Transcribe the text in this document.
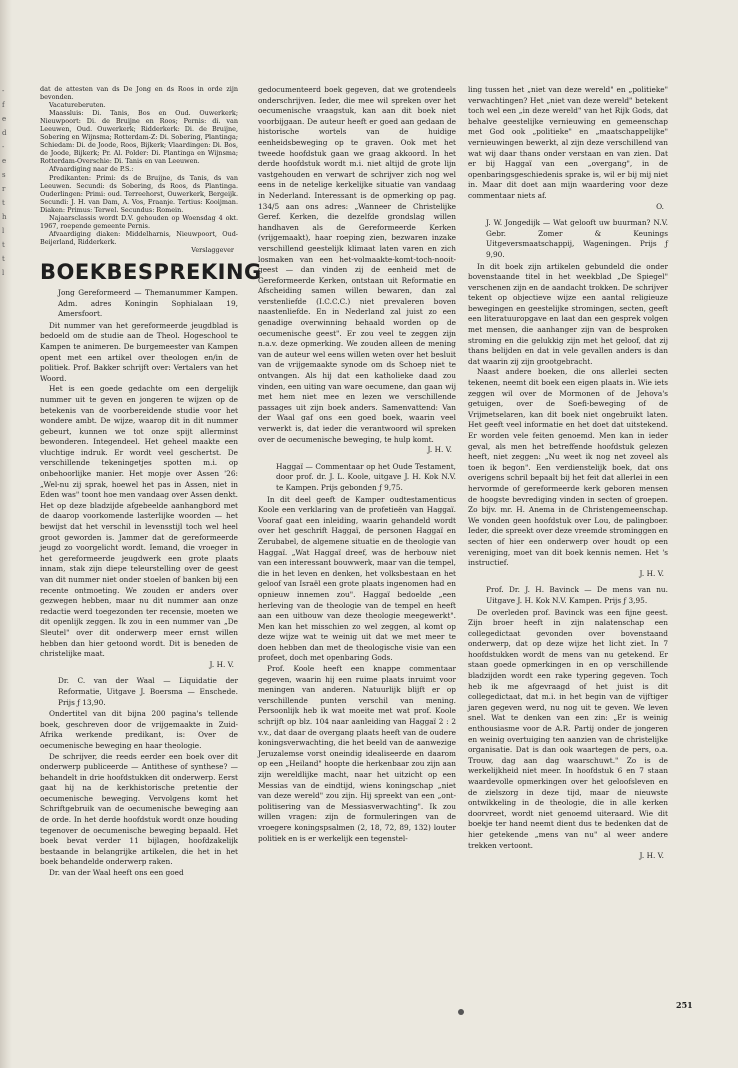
-
f
e
d
-
e
s
r
t
h
l
t
t
l

dat de attesten van ds De Jong en ds Roos in orde zijn bevonden.

Vacatureberuten.

Maassluis: Di. Tanis, Bos en Oud. Ouwerkerk; Nieuwpoort: Di. de Bruijne en Roos; Pernis: di. van Leeuwen, Oud. Ouwerkerk; Ridderkerk: Di. de Bruijne, Sobering en Wijnsma; Rotterdam-Z: Di. Sobering, Plantinga; Schiedam: Di. de Joode, Roos, Bijkerk; Vlaardingen: Di. Bos, de Joode, Bijkerk; Pr. Al. Polder: Di. Plantinga en Wijnsma; Rotterdam-Overschie: Di. Tanis en van Leeuwen.

Afvaardiging naar de P.S.:

Predikanten: Primi: ds de Bruijne, ds Tanis, ds van Leeuwen. Secundi: ds Sobering, ds Roos, ds Plantinga. Ouderlingen: Primi: oud. Terreehorst, Ouwerkerk, Bergeijk. Secundi: J. H. van Dam, A. Vos, Fraanje. Tertius: Kooijman. Diaken: Primus: Terwel. Secundus: Romein.

Najaarsclassis wordt D.V. gehouden op Woensdag 4 okt. 1967, roepende gemeente Pernis.

Afvaardiging diaken: Middelharnis, Nieuwpoort, Oud-Beijerland, Ridderkerk.

Verslaggever

BOEKBESPREKING

Jong Gereformeerd — Themanummer Kampen. Adm. adres Koningin Sophialaan 19, Amersfoort.

Dit nummer van het gereformeerde jeugdblad is bedoeld om de studie aan de Theol. Hogeschool te Kampen te animeren. De burgemeester van Kampen opent met een artikel over theologen en/in de politiek. Prof. Bakker schrijft over: Vertalers van het Woord.

Het is een goede gedachte om een dergelijk nummer uit te geven en jongeren te wijzen op de betekenis van de voorbereidende studie voor het wondere ambt. De wijze, waarop dit in dit nummer gebeurt, kunnen we tot onze spijt allerminst bewonderen. Integendeel. Het geheel maakte een vluchtige indruk. Er wordt veel geschertst. De verschillende tekeningetjes spotten m.i. op onbehoorlijke manier. Het mopje over Assen '26: „Wel-nu zij sprak, hoewel het pas in Assen, niet in Eden was" toont hoe men vandaag over Assen denkt. Het op deze bladzijde afgebeelde aanhangbord met de daarop voorkomende lasterlijke woorden — het bewijst dat het verschil in levensstijl toch wel heel groot geworden is. Jammer dat de gereformeerde jeugd zo voorgelicht wordt. Iemand, die vroeger in het gereformeerde jeugdwerk een grote plaats innam, stak zijn diepe teleurstelling over de geest van dit nummer niet onder stoelen of banken bij een recente ontmoeting. We zouden er anders over gezwegen hebben, maar nu dit nummer aan onze redactie werd toegezonden ter recensie, moeten we dit openlijk zeggen. Ik zou in een nummer van „De Sleutel" over dit onderwerp meer ernst willen hebben dan hier getoond wordt. Dit is beneden de christelijke maat.

J. H. V.

Dr. C. van der Waal — Liquidatie der Reformatie, Uitgave J. Boersma — Enschede. Prijs ƒ 13,90.

Ondertitel van dit bijna 200 pagina's tellende boek, geschreven door de vrijgemaakte in Zuid-Afrika werkende predikant, is: Over de oecumenische beweging en haar theologie.

De schrijver, die reeds eerder een boek over dit onderwerp publiceerde — Antithese of synthese? — behandelt in drie hoofdstukken dit onderwerp. Eerst gaat hij na de kerkhistorische pretentie der oecumenische beweging. Vervolgens komt het Schriftgebruik van de oecumenische beweging aan de orde. In het derde hoofdstuk wordt onze houding tegenover de oecumenische beweging bepaald. Het boek bevat verder 11 bijlagen, hoofdzakelijk bestaande in belangrijke artikelen, die het in het boek behandelde onderwerp raken.

Dr. van der Waal heeft ons een goed

gedocumenteerd boek gegeven, dat we grotendeels onderschrijven. Ieder, die mee wil spreken over het oecumenische vraagstuk, kan aan dit boek niet voorbijgaan. De auteur heeft er goed aan gedaan de historische wortels van de huidige eenheidsbeweging op te graven. Ook met het tweede hoofdstuk gaan we graag akkoord. In het derde hoofdstuk wordt m.i. niet altijd de grote lijn vastgehouden en verwart de schrijver zich nog wel eens in de netelige kerkelijke situatie van vandaag in Nederland. Interessant is de opmerking op pag. 134/5 aan ons adres: „Wanneer de Christelijke Geref. Kerken, die dezelfde grondslag willen handhaven als de Gereformeerde Kerken (vrijgemaakt), haar roeping zien, bezwaren inzake verschillend geestelijk klimaat laten varen en zich losmaken van een het-volmaakte-komt-toch-nooit-geest — dan vinden zij de eenheid met de Gereformeerde Kerken, ontstaan uit Reformatie en Afscheiding samen willen bewaren, dan zal verstenliefde (I.C.C.C.) niet prevaleren boven naastenliefde. En in Nederland zal juist zo een genadige overwinning behaald worden op de oecumenische geest". Er zou veel te zeggen zijn n.a.v. deze opmerking. We zouden alleen de mening van de auteur wel eens willen weten over het besluit van de vrijgemaakte synode om ds Schoep niet te ontvangen. Als hij dat een katholieke daad zou vinden, een uiting van ware oecumene, dan gaan wij met hem niet mee en lezen we verschillende passages uit zijn boek anders. Samenvattend: Van der Waal gaf ons een goed boek, waarin veel verwerkt is, dat ieder die verantwoord wil spreken over de oecumenische beweging, te hulp komt.

J. H. V.

Haggaï — Commentaar op het Oude Testament, door prof. dr. J. L. Koole, uitgave J. H. Kok N.V. te Kampen. Prijs gebonden ƒ 9,75.

In dit deel geeft de Kamper oudtestamenticus Koole een verklaring van de profetieën van Haggaï. Vooraf gaat een inleiding, waarin gehandeld wordt over het geschrift Haggaï, de personen Haggaï en Zerubabel, de algemene situatie en de theologie van Haggaï. „Wat Haggaï dreef, was de herbouw niet van een interessant bouwwerk, maar van die tempel, die in het leven en denken, het volksbestaan en het geloof van Israël een grote plaats ingenomen had en opnieuw innemen zou". Haggaï bedoelde „een herleving van de theologie van de tempel en heeft aan een uitbouw van deze theologie meegewerkt". Men kan het misschien zo wel zeggen, al komt op deze wijze wat te weinig uit dat we met meer te doen hebben dan met de theologische visie van een profeet, doch met openbaring Gods.

Prof. Koole heeft een knappe commentaar gegeven, waarin hij een ruime plaats inruimt voor meningen van anderen. Natuurlijk blijft er op verschillende punten verschil van mening. Persoonlijk heb ik wat moeite met wat prof. Koole schrijft op blz. 104 naar aanleiding van Haggaï 2 : 2 v.v., dat daar de overgang plaats heeft van de oudere koningsverwachting, die het beeld van de aanwezige Jeruzalemse vorst oneindig idealiseerde en daarom op een „Heiland" hoopte die herkenbaar zou zijn aan zijn wereldlijke macht, naar het uitzicht op een Messias van de eindtijd, wiens koningschap „niet van deze wereld" zou zijn. Hij spreekt van een „ont-politisering van de Messiasverwachting". Ik zou willen vragen: zijn de formuleringen van de vroegere koningspsalmen (2, 18, 72, 89, 132) louter politiek en is er werkelijk een tegenstel-

ling tussen het „niet van deze wereld" en „politieke" verwachtingen? Het „niet van deze wereld" betekent toch wel een „in deze wereld" van het Rijk Gods, dat behalve geestelijke vernieuwing en gemeenschap met God ook „politieke" en „maatschappelijke" vernieuwingen bewerkt, al zijn deze verschillend van wat wij daar thans onder verstaan en van zien. Dat er bij Haggaï van een „overgang", in de openbaringsgeschiedenis sprake is, wil er bij mij niet in. Maar dit doet aan mijn waardering voor deze commentaar niets af.

O.

J. W. Jongedijk — Wat gelooft uw buurman? N.V. Gebr. Zomer & Keunings Uitgeversmaatschappij, Wageningen. Prijs ƒ 9,90.

In dit boek zijn artikelen gebundeld die onder bovenstaande titel in het weekblad „De Spiegel" verschenen zijn en de aandacht trokken. De schrijver tekent op objectieve wijze een aantal religieuze bewegingen en geestelijke stromingen, secten, geeft een literatuuropgave en laat dan een gesprek volgen met mensen, die aanhanger zijn van de besproken stroming en die gelukkig zijn met het geloof, dat zij thans belijden en dat in vele gevallen anders is dan dat waarin zij zijn grootgebracht.

Naast andere boeken, die ons allerlei secten tekenen, neemt dit boek een eigen plaats in. Wie iets zeggen wil over de Mormonen of de Jehova's getuigen, over de Soefi-beweging of de Vrijmetselaren, kan dit boek niet ongebruikt laten. Het geeft veel informatie en het doet dat uitstekend. Er worden vele feiten genoemd. Men kan in ieder geval, als men het betreffende hoofdstuk gelezen heeft, niet zeggen: „Nu weet ik nog net zoveel als toen ik begon". Een verdienstelijk boek, dat ons overigens schril bepaalt bij het feit dat allerlei in een hervormde of gereformeerde kerk geboren mensen de hoogste bevrediging vinden in secten of groepen. Zo bijv. mr. H. Anema in de Christengemeenschap. We vonden geen hoofdstuk over Lou, de palingboer. Ieder, die spreekt over deze vreemde strominggen en secten of hier een onderwerp over houdt op een vereniging, moet van dit boek kennis nemen. Het 's instructief.

J. H. V.

Prof. Dr. J. H. Bavinck — De mens van nu. Uitgave J. H. Kok N.V. Kampen. Prijs ƒ 3,95.

De overleden prof. Bavinck was een fijne geest. Zijn broer heeft in zijn nalatenschap een collegedictaat gevonden over bovenstaand onderwerp, dat op deze wijze het licht ziet. In 7 hoofdstukken wordt de mens van nu getekend. Er staan goede opmerkingen in en op verschillende bladzijden wordt een rake typering gegeven. Toch heb ik me afgevraagd of het juist is dit collegedictaat, dat m.i. in het begin van de vijftiger jaren gegeven werd, nu nog uit te geven. We leven snel. Wat te denken van een zin: „Er is weinig enthousiasme voor de A.R. Partij onder de jongeren en weinig overtuiging ten aanzien van de christelijke organisatie. Dat is dan ook waartegen de pers, o.a. Trouw, dag aan dag waarschuwt." Zo is de werkelijkheid niet meer. In hoofdstuk 6 en 7 staan waardevolle opmerkingen over het geloofsleven en de zielszorg in deze tijd, maar de nieuwste ontwikkeling in de theologie, die in alle kerken doorvreet, wordt niet genoemd uiteraard. Wie dit boekje ter hand neemt dient dus te bedenken dat de hier getekende „mens van nu" al weer andere trekken vertoont.

J. H. V.

251
